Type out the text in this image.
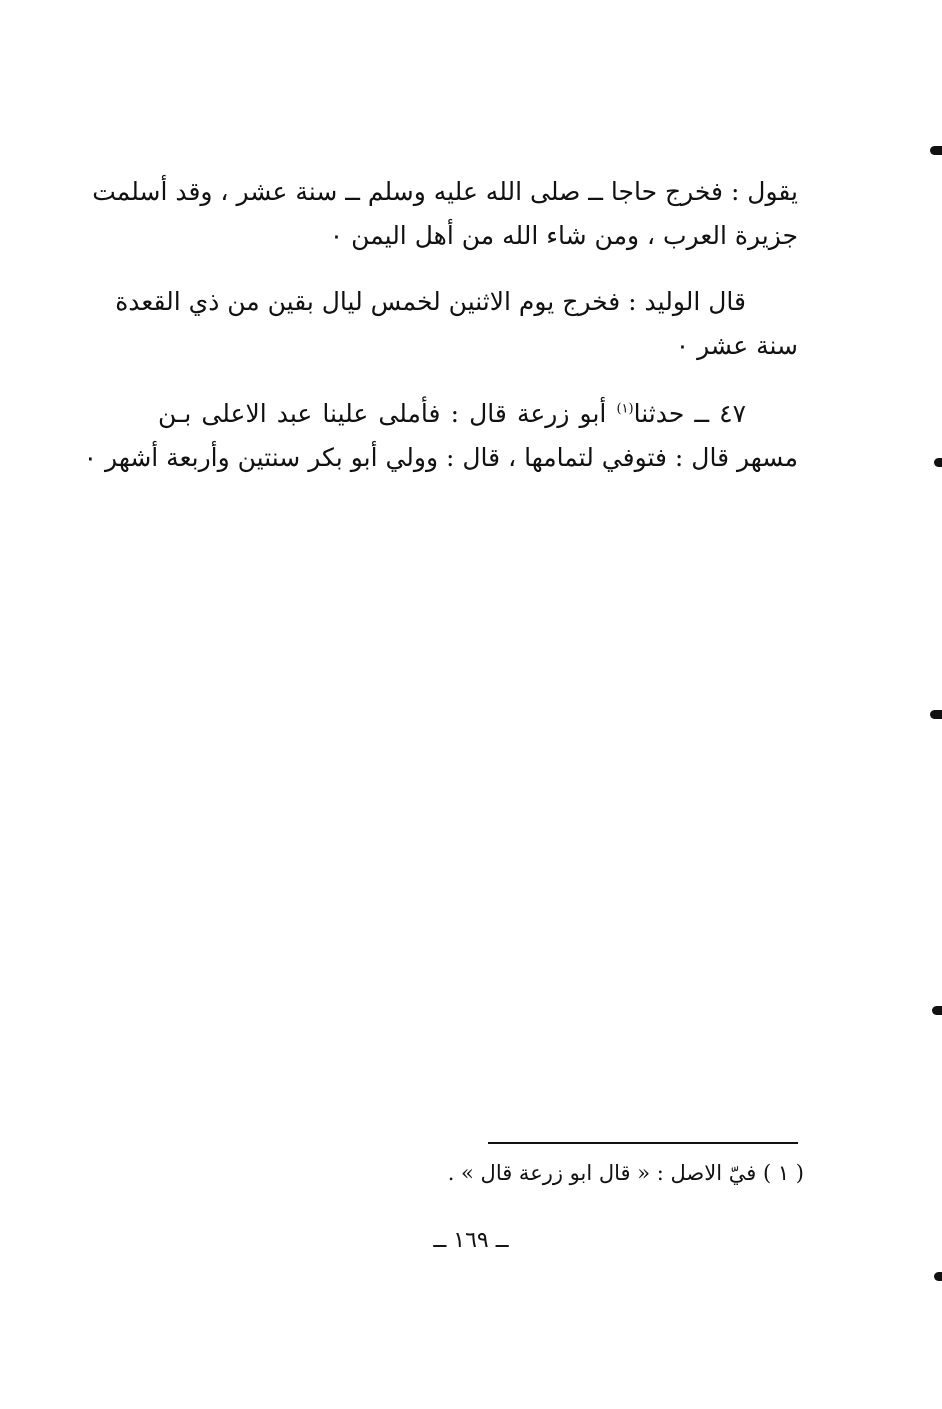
يقول : فخرج حاجا ــ صلى الله عليه وسلم ــ سنة عشر ، وقد أسلمت
جزيرة العرب ، ومن شاء الله من أهل اليمن ٠
قال الوليد : فخرج يوم الاثنين لخمس ليال بقين من ذي القعدة
سنة عشر ٠
٤٧ ــ حدثنا$^{(١)}$ أبو زرعة قال : فأملى علينا عبد الاعلى بـن
مسهر قال : فتوفي لتمامها ، قال : وولي أبو بكر سنتين وأربعة أشهر ٠
( ١ ) فيّ الاصل : « قال ابو زرعة قال » .
ــ ١٦٩ ــ
